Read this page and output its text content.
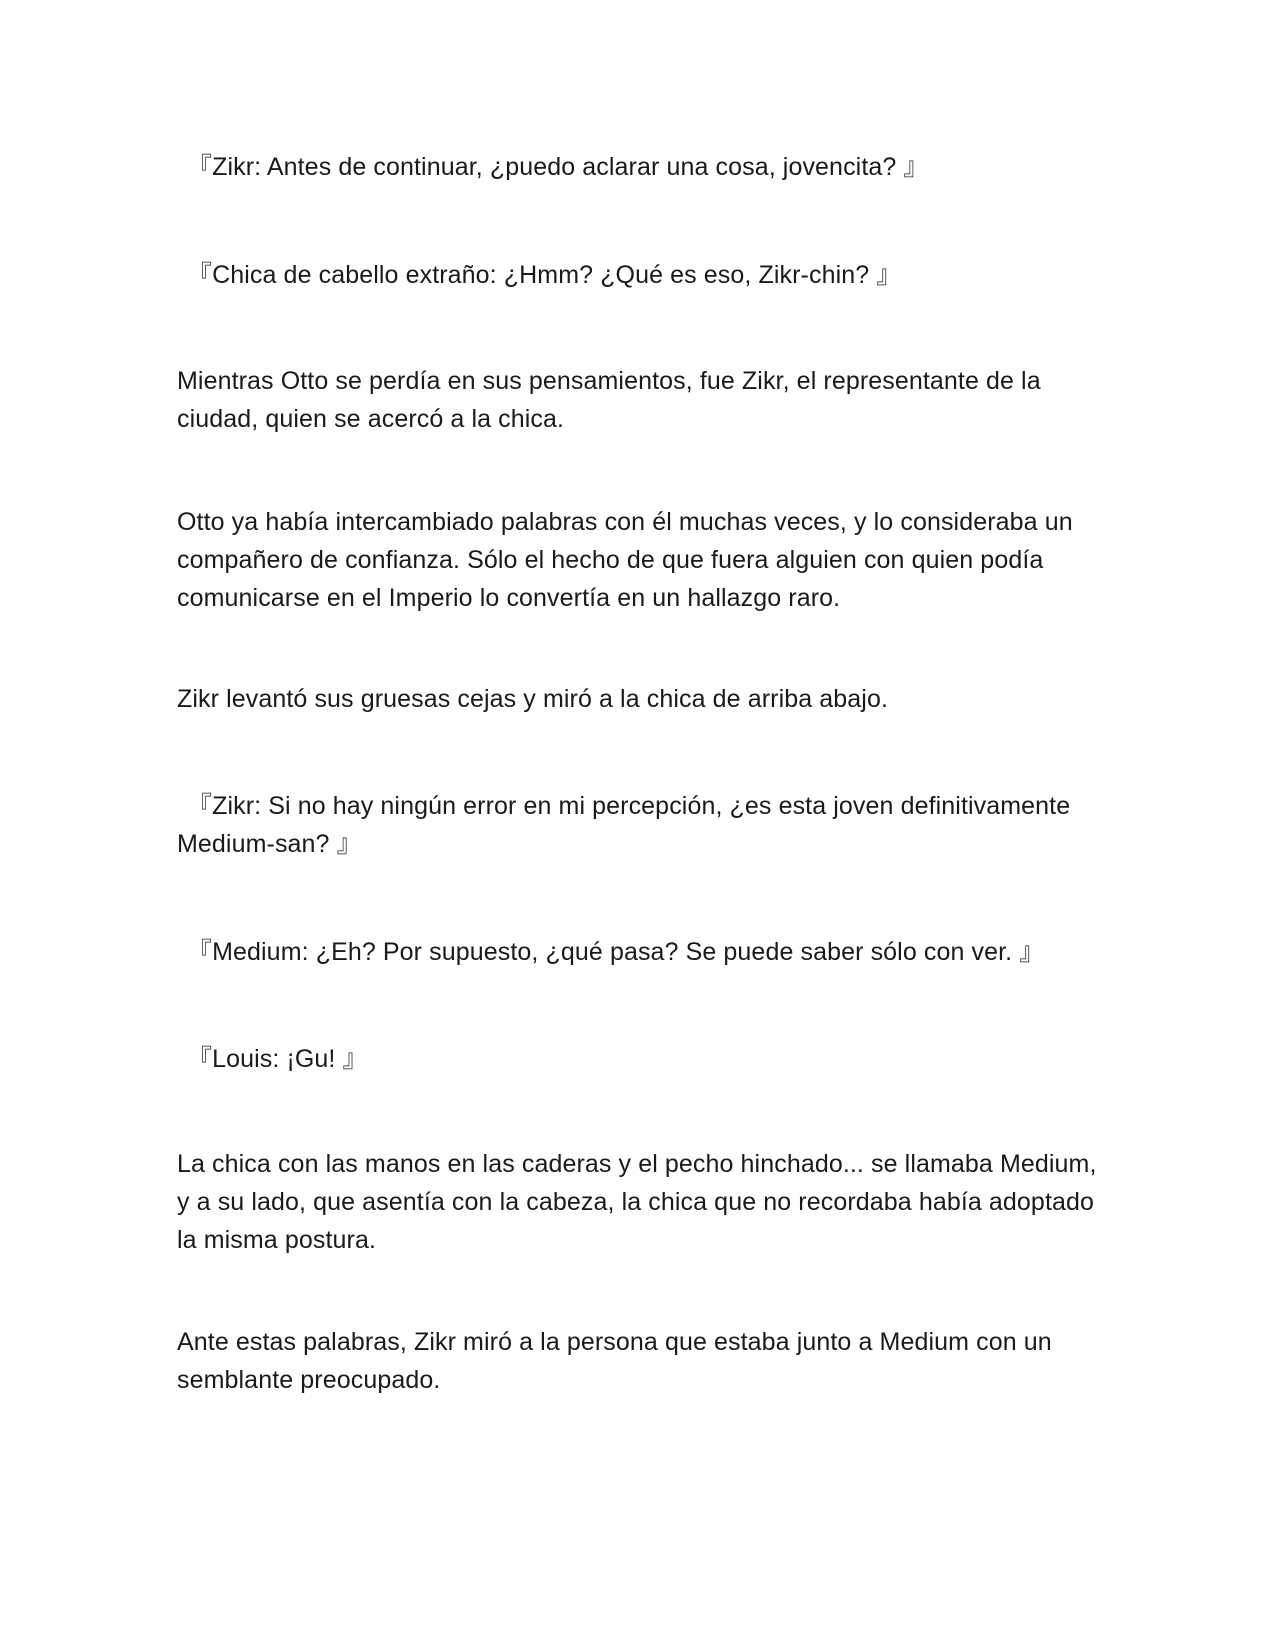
『Zikr: Antes de continuar, ¿puedo aclarar una cosa, jovencita? 』

『Chica de cabello extraño: ¿Hmm? ¿Qué es eso, Zikr-chin? 』

Mientras Otto se perdía en sus pensamientos, fue Zikr, el representante de la ciudad, quien se acercó a la chica.

Otto ya había intercambiado palabras con él muchas veces, y lo consideraba un compañero de confianza. Sólo el hecho de que fuera alguien con quien podía comunicarse en el Imperio lo convertía en un hallazgo raro.

Zikr levantó sus gruesas cejas y miró a la chica de arriba abajo.

『Zikr: Si no hay ningún error en mi percepción, ¿es esta joven definitivamente Medium-san? 』

『Medium: ¿Eh? Por supuesto, ¿qué pasa? Se puede saber sólo con ver. 』

『Louis: ¡Gu! 』

La chica con las manos en las caderas y el pecho hinchado... se llamaba Medium, y a su lado, que asentía con la cabeza, la chica que no recordaba había adoptado la misma postura.

Ante estas palabras, Zikr miró a la persona que estaba junto a Medium con un semblante preocupado.
